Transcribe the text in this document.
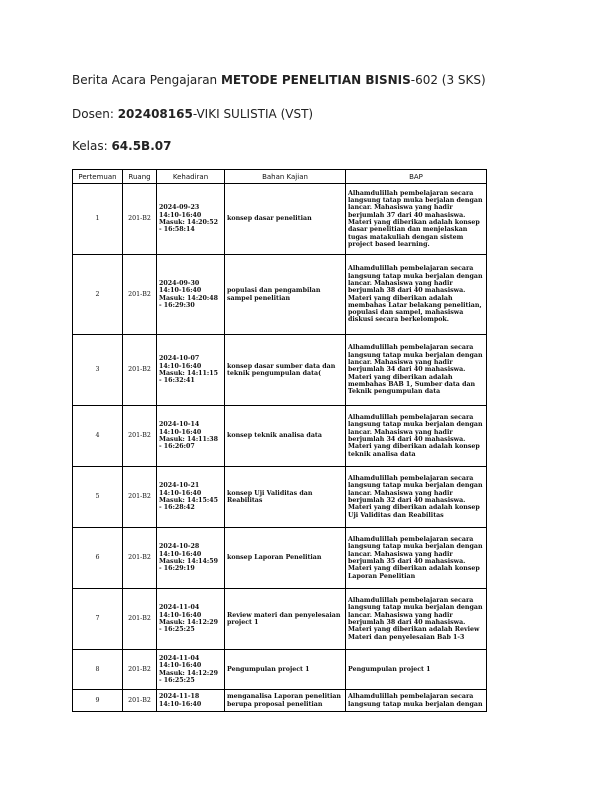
Berita Acara Pengajaran METODE PENELITIAN BISNIS-602 (3 SKS)
Dosen: 202408165-VIKI SULISTIA (VST)
Kelas: 64.5B.07
Pertemuan	Ruang	Kehadiran	Bahan Kajian	BAP
1	201-B2	2024-09-23 14:10-16:40 Masuk: 14:20:52 - 16:58:14	konsep dasar penelitian	Alhamdulillah pembelajaran secara langsung tatap muka berjalan dengan lancar. Mahasiswa yang hadir berjumlah 37 dari 40 mahasiswa. Materi yang diberikan adalah konsep dasar penelitian dan menjelaskan tugas matakuliah dengan sistem project based learning.
2	201-B2	2024-09-30 14:10-16:40 Masuk: 14:20:48 - 16:29:30	populasi dan pengambilan sampel penelitian	Alhamdulillah pembelajaran secara langsung tatap muka berjalan dengan lancar. Mahasiswa yang hadir berjumlah 38 dari 40 mahasiswa. Materi yang diberikan adalah membahas Latar belakang penelitian, populasi dan sampel, mahasiswa diskusi secara berkelompok.
3	201-B2	2024-10-07 14:10-16:40 Masuk: 14:11:15 - 16:32:41	konsep dasar sumber data dan teknik pengumpulan data(	Alhamdulillah pembelajaran secara langsung tatap muka berjalan dengan lancar. Mahasiswa yang hadir berjumlah 34 dari 40 mahasiswa. Materi yang diberikan adalah membahas BAB 1, Sumber data dan Teknik pengumpulan data
4	201-B2	2024-10-14 14:10-16:40 Masuk: 14:11:38 - 16:26:07	konsep teknik analisa data	Alhamdulillah pembelajaran secara langsung tatap muka berjalan dengan lancar. Mahasiswa yang hadir berjumlah 34 dari 40 mahasiswa. Materi yang diberikan adalah konsep teknik analisa data
5	201-B2	2024-10-21 14:10-16:40 Masuk: 14:15:45 - 16:28:42	konsep Uji Validitas dan Reabilitas	Alhamdulillah pembelajaran secara langsung tatap muka berjalan dengan lancar. Mahasiswa yang hadir berjumlah 32 dari 40 mahasiswa. Materi yang diberikan adalah konsep Uji Validitas dan Reabilitas
6	201-B2	2024-10-28 14:10-16:40 Masuk: 14:14:59 - 16:29:19	konsep Laporan Penelitian	Alhamdulillah pembelajaran secara langsung tatap muka berjalan dengan lancar. Mahasiswa yang hadir berjumlah 35 dari 40 mahasiswa. Materi yang diberikan adalah konsep Laporan Penelitian
7	201-B2	2024-11-04 14:10-16:40 Masuk: 14:12:29 - 16:25:25	Review materi dan penyelesaian project 1	Alhamdulillah pembelajaran secara langsung tatap muka berjalan dengan lancar. Mahasiswa yang hadir berjumlah 38 dari 40 mahasiswa. Materi yang diberikan adalah Review Materi dan penyelesaian Bab 1-3
8	201-B2	2024-11-04 14:10-16:40 Masuk: 14:12:29 - 16:25:25	Pengumpulan project 1	Pengumpulan project 1
9	201-B2	2024-11-18 14:10-16:40	menganalisa Laporan penelitian berupa proposal penelitian	Alhamdulillah pembelajaran secara langsung tatap muka berjalan dengan
